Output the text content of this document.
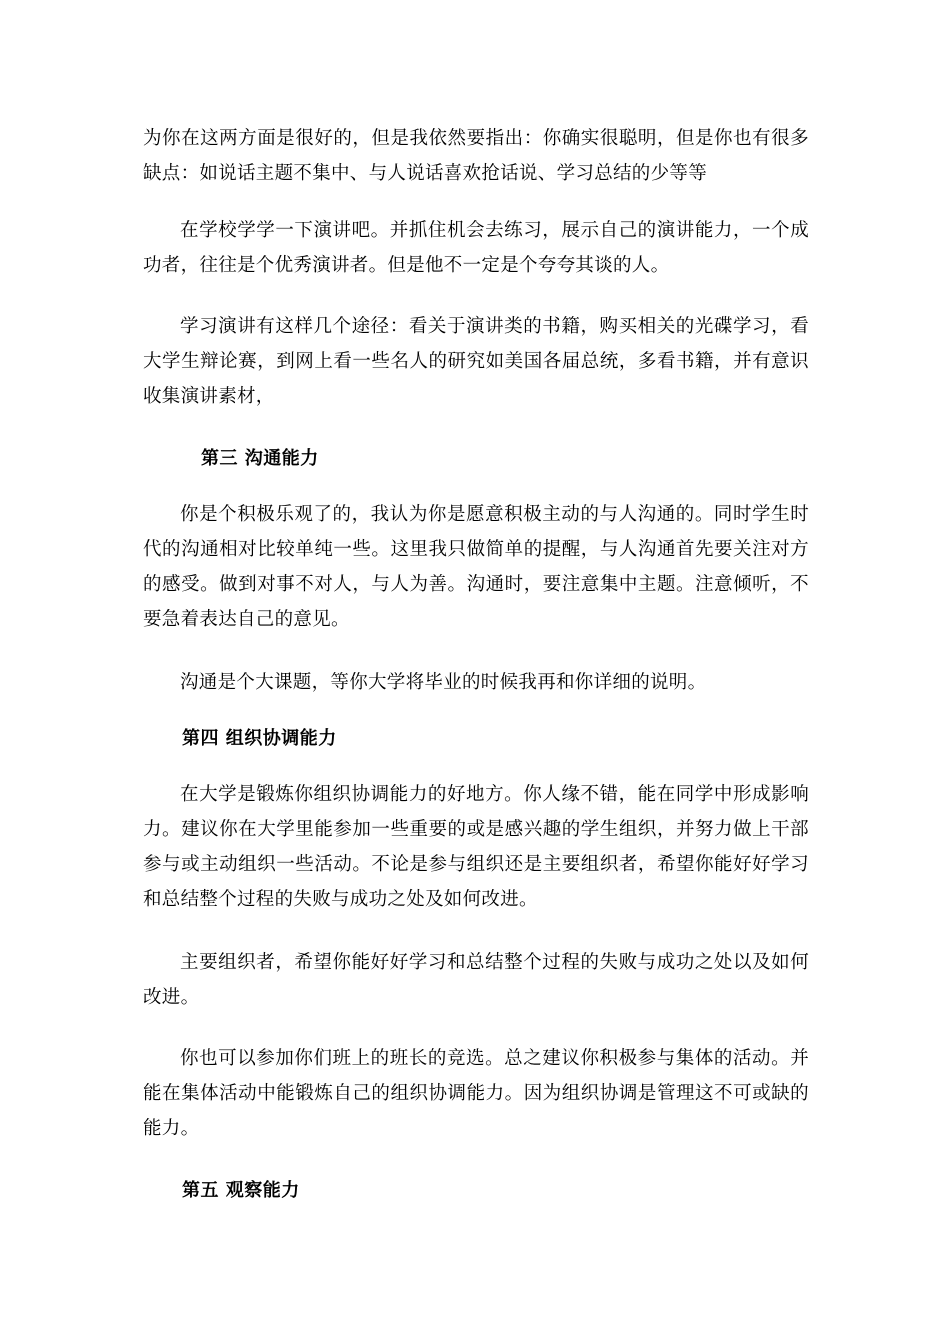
为你在这两方面是很好的，但是我依然要指出：你确实很聪明，但是你也有很多缺点：如说话主题不集中、与人说话喜欢抢话说、学习总结的少等等

在学校学学一下演讲吧。并抓住机会去练习，展示自己的演讲能力，一个成功者，往往是个优秀演讲者。但是他不一定是个夸夸其谈的人。

学习演讲有这样几个途径：看关于演讲类的书籍，购买相关的光碟学习，看大学生辩论赛，到网上看一些名人的研究如美国各届总统，多看书籍，并有意识收集演讲素材，

第三 沟通能力

你是个积极乐观了的，我认为你是愿意积极主动的与人沟通的。同时学生时代的沟通相对比较单纯一些。这里我只做简单的提醒，与人沟通首先要关注对方的感受。做到对事不对人，与人为善。沟通时，要注意集中主题。注意倾听，不要急着表达自己的意见。

沟通是个大课题，等你大学将毕业的时候我再和你详细的说明。

第四 组织协调能力

在大学是锻炼你组织协调能力的好地方。你人缘不错，能在同学中形成影响力。建议你在大学里能参加一些重要的或是感兴趣的学生组织，并努力做上干部参与或主动组织一些活动。不论是参与组织还是主要组织者，希望你能好好学习和总结整个过程的失败与成功之处及如何改进。

主要组织者，希望你能好好学习和总结整个过程的失败与成功之处以及如何改进。

你也可以参加你们班上的班长的竞选。总之建议你积极参与集体的活动。并能在集体活动中能锻炼自己的组织协调能力。因为组织协调是管理这不可或缺的能力。

第五 观察能力
